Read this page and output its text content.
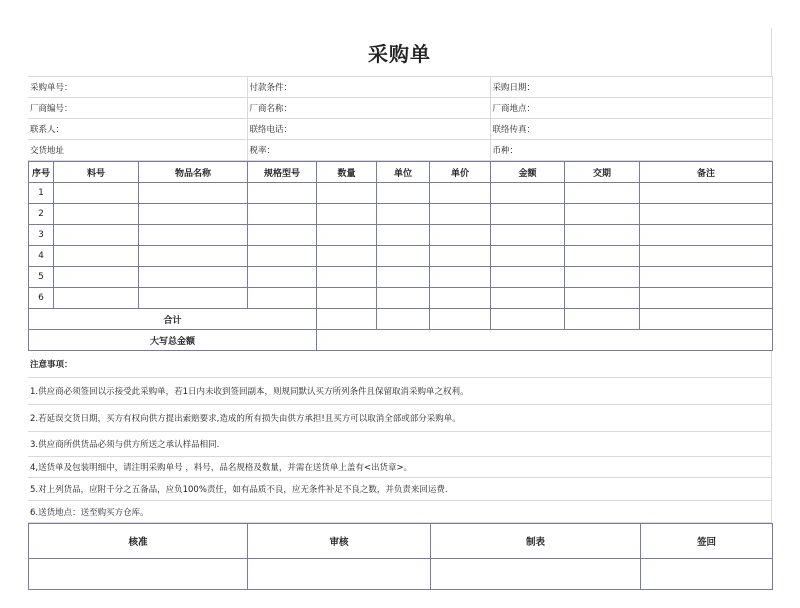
采购单
采购单号：	付款条件：	采购日期：
厂商编号：	厂商名称：	厂商地点：
联系人：	联络电话：	联络传真：
交货地址	税率：	币种：
序号	料号	物品名称	规格型号	数量	单位	单价	金额	交期	备注
1									
2									
3									
4									
5									
6									
合计									
大写总金额									
注意事项：
1.供应商必须签回以示接受此采购单，若1日内未收到签回副本，则规同默认买方所列条件且保留取消采购单之权利。
2.若延误交货日期，买方有权向供方提出索赔要求,造成的所有损失由供方承担!且买方可以取消全部或部分采购单。
3.供应商所供货品必须与供方所送之承认样品相同.
4,送货单及包装明细中，请注明采购单号 ，料号，品名规格及数量，并需在送货单上盖有<出货章>。
5.对上列货品，应附千分之五备品，应负100%责任，如有品质不良，应无条件补足不良之数，并负责来回运费.
6.送货地点：送至购买方仓库。
核准	审核	制表	签回
